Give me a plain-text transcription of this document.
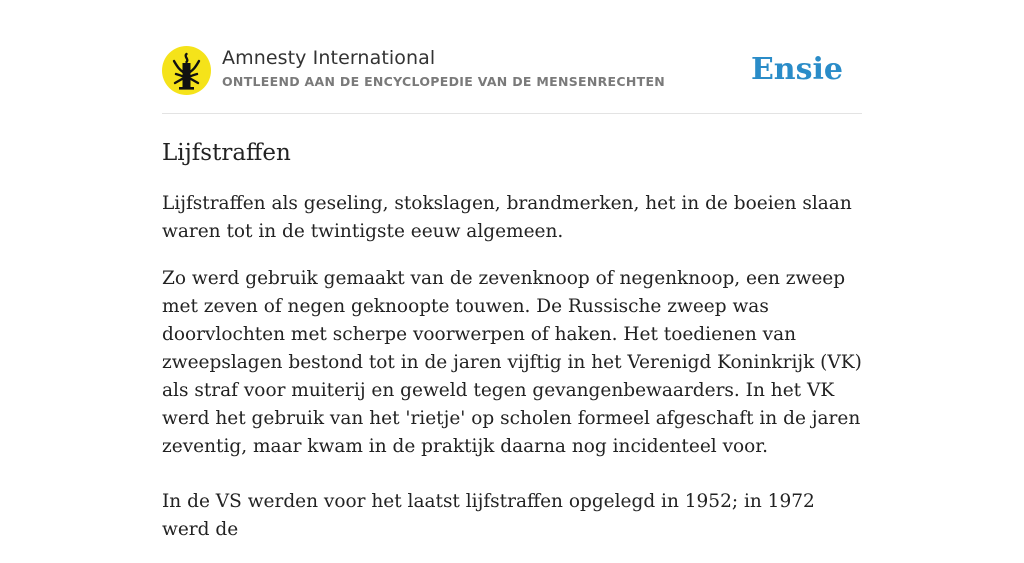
Amnesty International
ONTLEEND AAN DE ENCYCLOPEDIE VAN DE MENSENRECHTEN	Ensie
Lijfstraffen

Lijfstraffen als geseling, stokslagen, brandmerken, het in de boeien slaan waren tot in de twintigste eeuw algemeen.

Zo werd gebruik gemaakt van de zevenknoop of negenknoop, een zweep met zeven of negen geknoopte touwen. De Russische zweep was doorvlochten met scherpe voorwerpen of haken. Het toedienen van zweepslagen bestond tot in de jaren vijftig in het Verenigd Koninkrijk (VK) als straf voor muiterij en geweld tegen gevangenbewaarders. In het VK werd het gebruik van het 'rietje' op scholen formeel afgeschaft in de jaren zeventig, maar kwam in de praktijk daarna nog incidenteel voor.

In de VS werden voor het laatst lijfstraffen opgelegd in 1952; in 1972 werd de
